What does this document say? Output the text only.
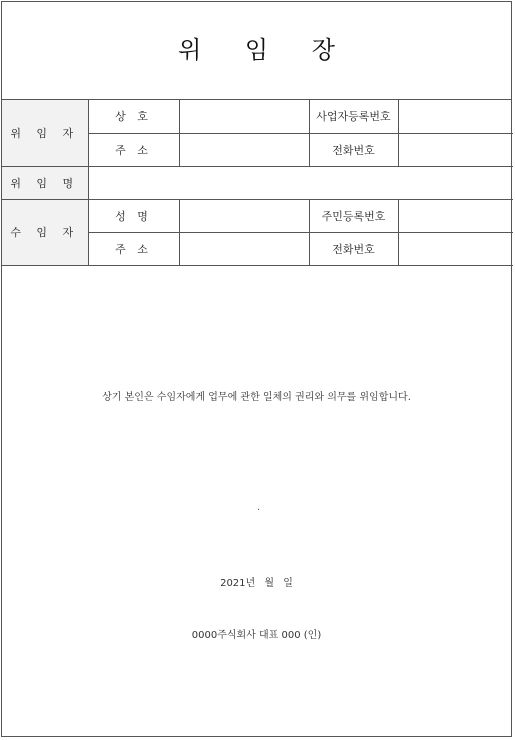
위 임 장
위 임 자	상 호		사업자등록번호	
	주 소		전화번호	
위 임 명				
수 임 자	성 명		주민등록번호	
	주 소		전화번호	
상기 본인은 수임자에게 업무에 관한 일체의 권리와 의무를 위임합니다.
.
2021년 월 일
0000주식회사 대표 000 (인)
